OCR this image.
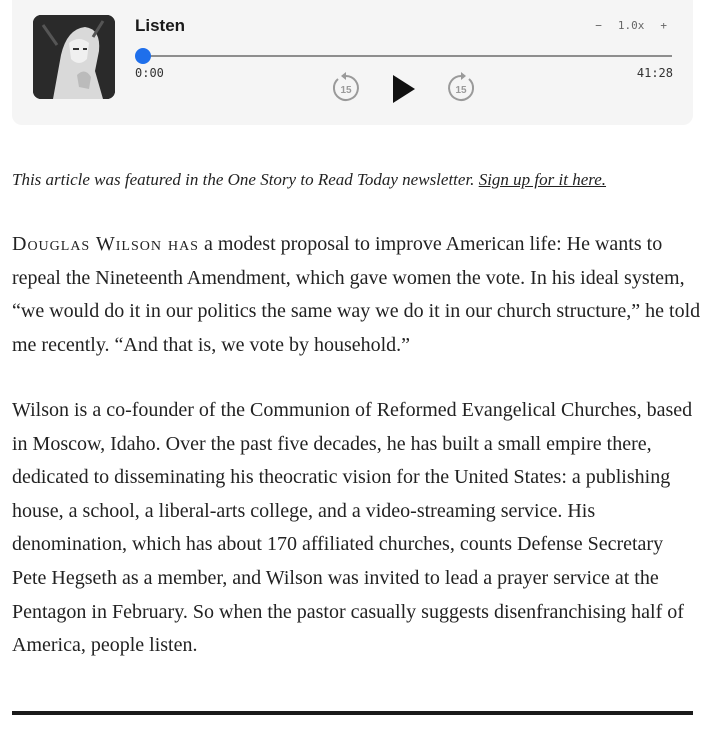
Listen	− 1.0x +
0:00	41:28
15	15
This article was featured in the One Story to Read Today newsletter. Sign up for it here.

Douglas Wilson has a modest proposal to improve American life: He wants to repeal the Nineteenth Amendment, which gave women the vote. In his ideal system, “we would do it in our politics the same way we do it in our church structure,” he told me recently. “And that is, we vote by household.”

Wilson is a co-founder of the Communion of Reformed Evangelical Churches, based in Moscow, Idaho. Over the past five decades, he has built a small empire there, dedicated to disseminating his theocratic vision for the United States: a publishing house, a school, a liberal-arts college, and a video-streaming service. His denomination, which has about 170 affiliated churches, counts Defense Secretary Pete Hegseth as a member, and Wilson was invited to lead a prayer service at the Pentagon in February. So when the pastor casually suggests disenfranchising half of America, people listen.
